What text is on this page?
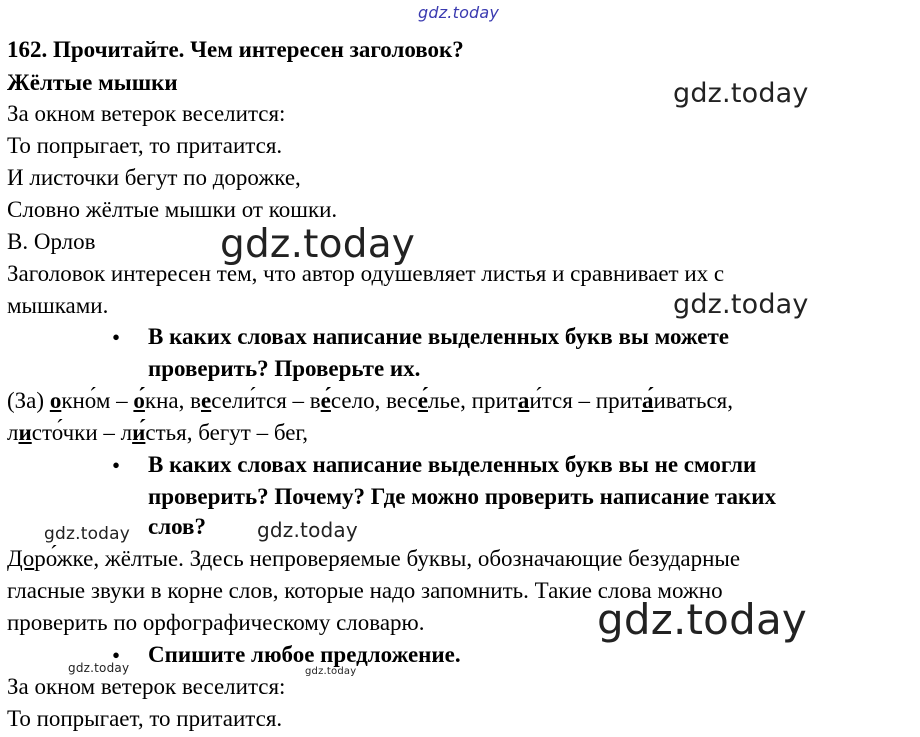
gdz.today
gdz.today
gdz.today
gdz.today
gdz.today	gdz.today
gdz.today
gdz.today	gdz.today
162. Прочитайте. Чем интересен заголовок?
Жёлтые мышки
За окном ветерок веселится:
То попрыгает, то притаится.
И листочки бегут по дорожке,
Словно жёлтые мышки от кошки.
В. Орлов
Заголовок интересен тем, что автор одушевляет листья и сравнивает их с
мышками.
• В каких словах написание выделенных букв вы можете
проверить? Проверьте их.
(За) окно́м – о́кна, весели́тся – ве́село, весе́лье, притаи́тся – прита́иваться,
листо́чки – ли́стья, бегут – бег,
• В каких словах написание выделенных букв вы не смогли
проверить? Почему? Где можно проверить написание таких
слов?
Доро́жке, жёлтые. Здесь непроверяемые буквы, обозначающие безударные
гласные звуки в корне слов, которые надо запомнить. Такие слова можно
проверить по орфографическому словарю.
• Спишите любое предложение.
За окном ветерок веселится:
То попрыгает, то притаится.
